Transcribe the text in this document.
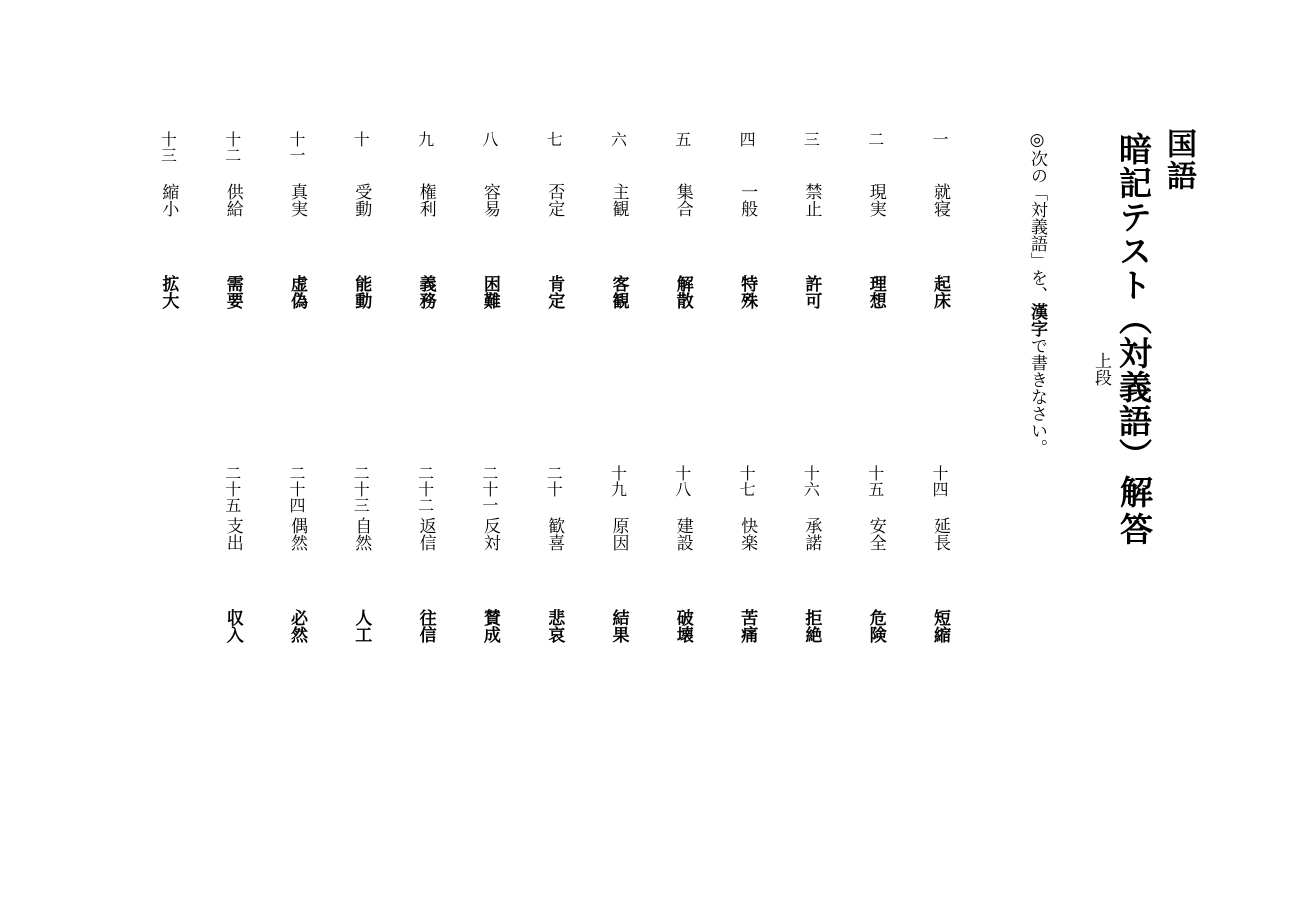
国語
暗記テスト（対義語）
解答
上段
◎次の「対義語」を、漢字で書きなさい。
一
就寝
起床
二
現実
理想
三
禁止
許可
四
一般
特殊
五
集合
解散
六
主観
客観
七
否定
肯定
八
容易
困難
九
権利
義務
十
受動
能動
十一
真実
虚偽
十二
供給
需要
十三
縮小
拡大
十四
延長
短縮
十五
安全
危険
十六
承諾
拒絶
十七
快楽
苦痛
十八
建設
破壊
十九
原因
結果
二十
歓喜
悲哀
二十一
反対
賛成
二十二
返信
往信
二十三
自然
人工
二十四
偶然
必然
二十五
支出
収入
